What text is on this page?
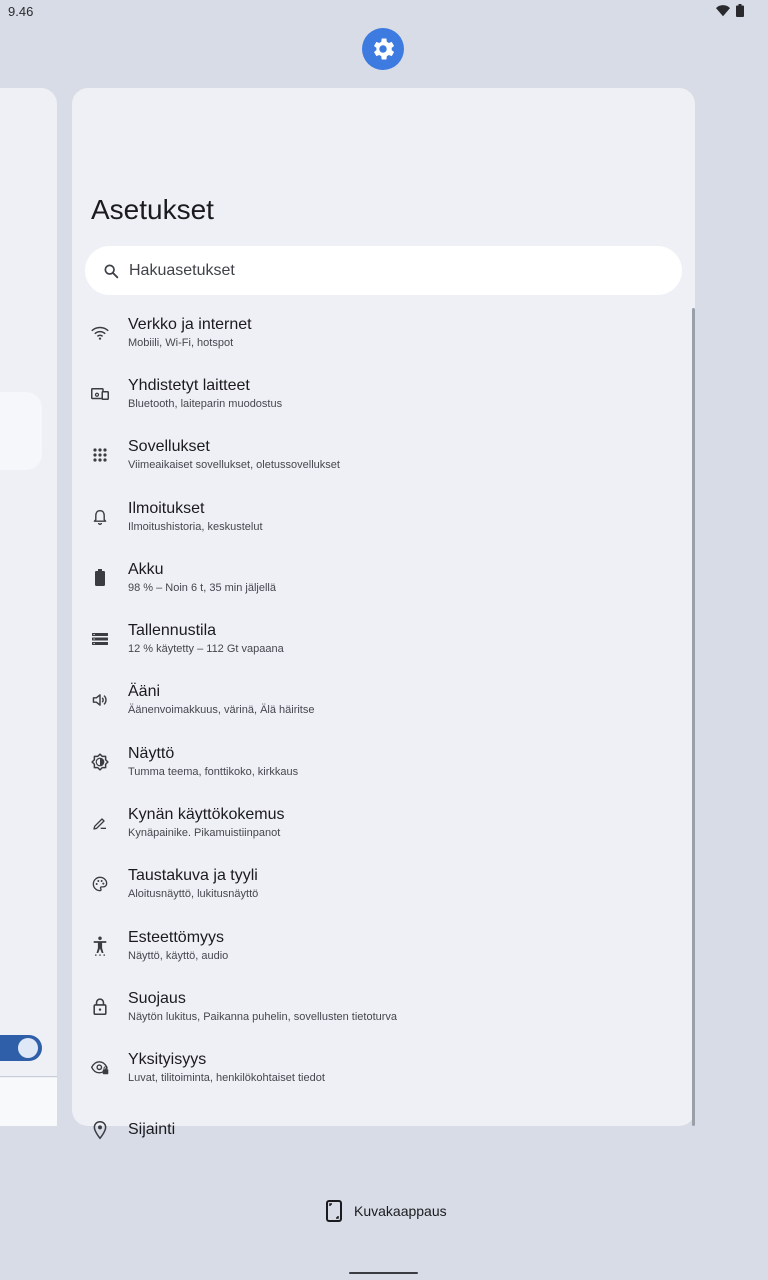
9.46
Asetukset
Hakuasetukset
Verkko ja internet
Mobiili, Wi-Fi, hotspot
Yhdistetyt laitteet
Bluetooth, laiteparin muodostus
Sovellukset
Viimeaikaiset sovellukset, oletussovellukset
Ilmoitukset
Ilmoitushistoria, keskustelut
Akku
98 % – Noin 6 t, 35 min jäljellä
Tallennustila
12 % käytetty – 112 Gt vapaana
Ääni
Äänenvoimakkuus, värinä, Älä häiritse
Näyttö
Tumma teema, fonttikoko, kirkkaus
Kynän käyttökokemus
Kynäpainike. Pikamuistiinpanot
Taustakuva ja tyyli
Aloitusnäyttö, lukitusnäyttö
Esteettömyys
Näyttö, käyttö, audio
Suojaus
Näytön lukitus, Paikanna puhelin, sovellusten tietoturva
Yksityisyys
Luvat, tilitoiminta, henkilökohtaiset tiedot
Sijainti
Kuvakaappaus
